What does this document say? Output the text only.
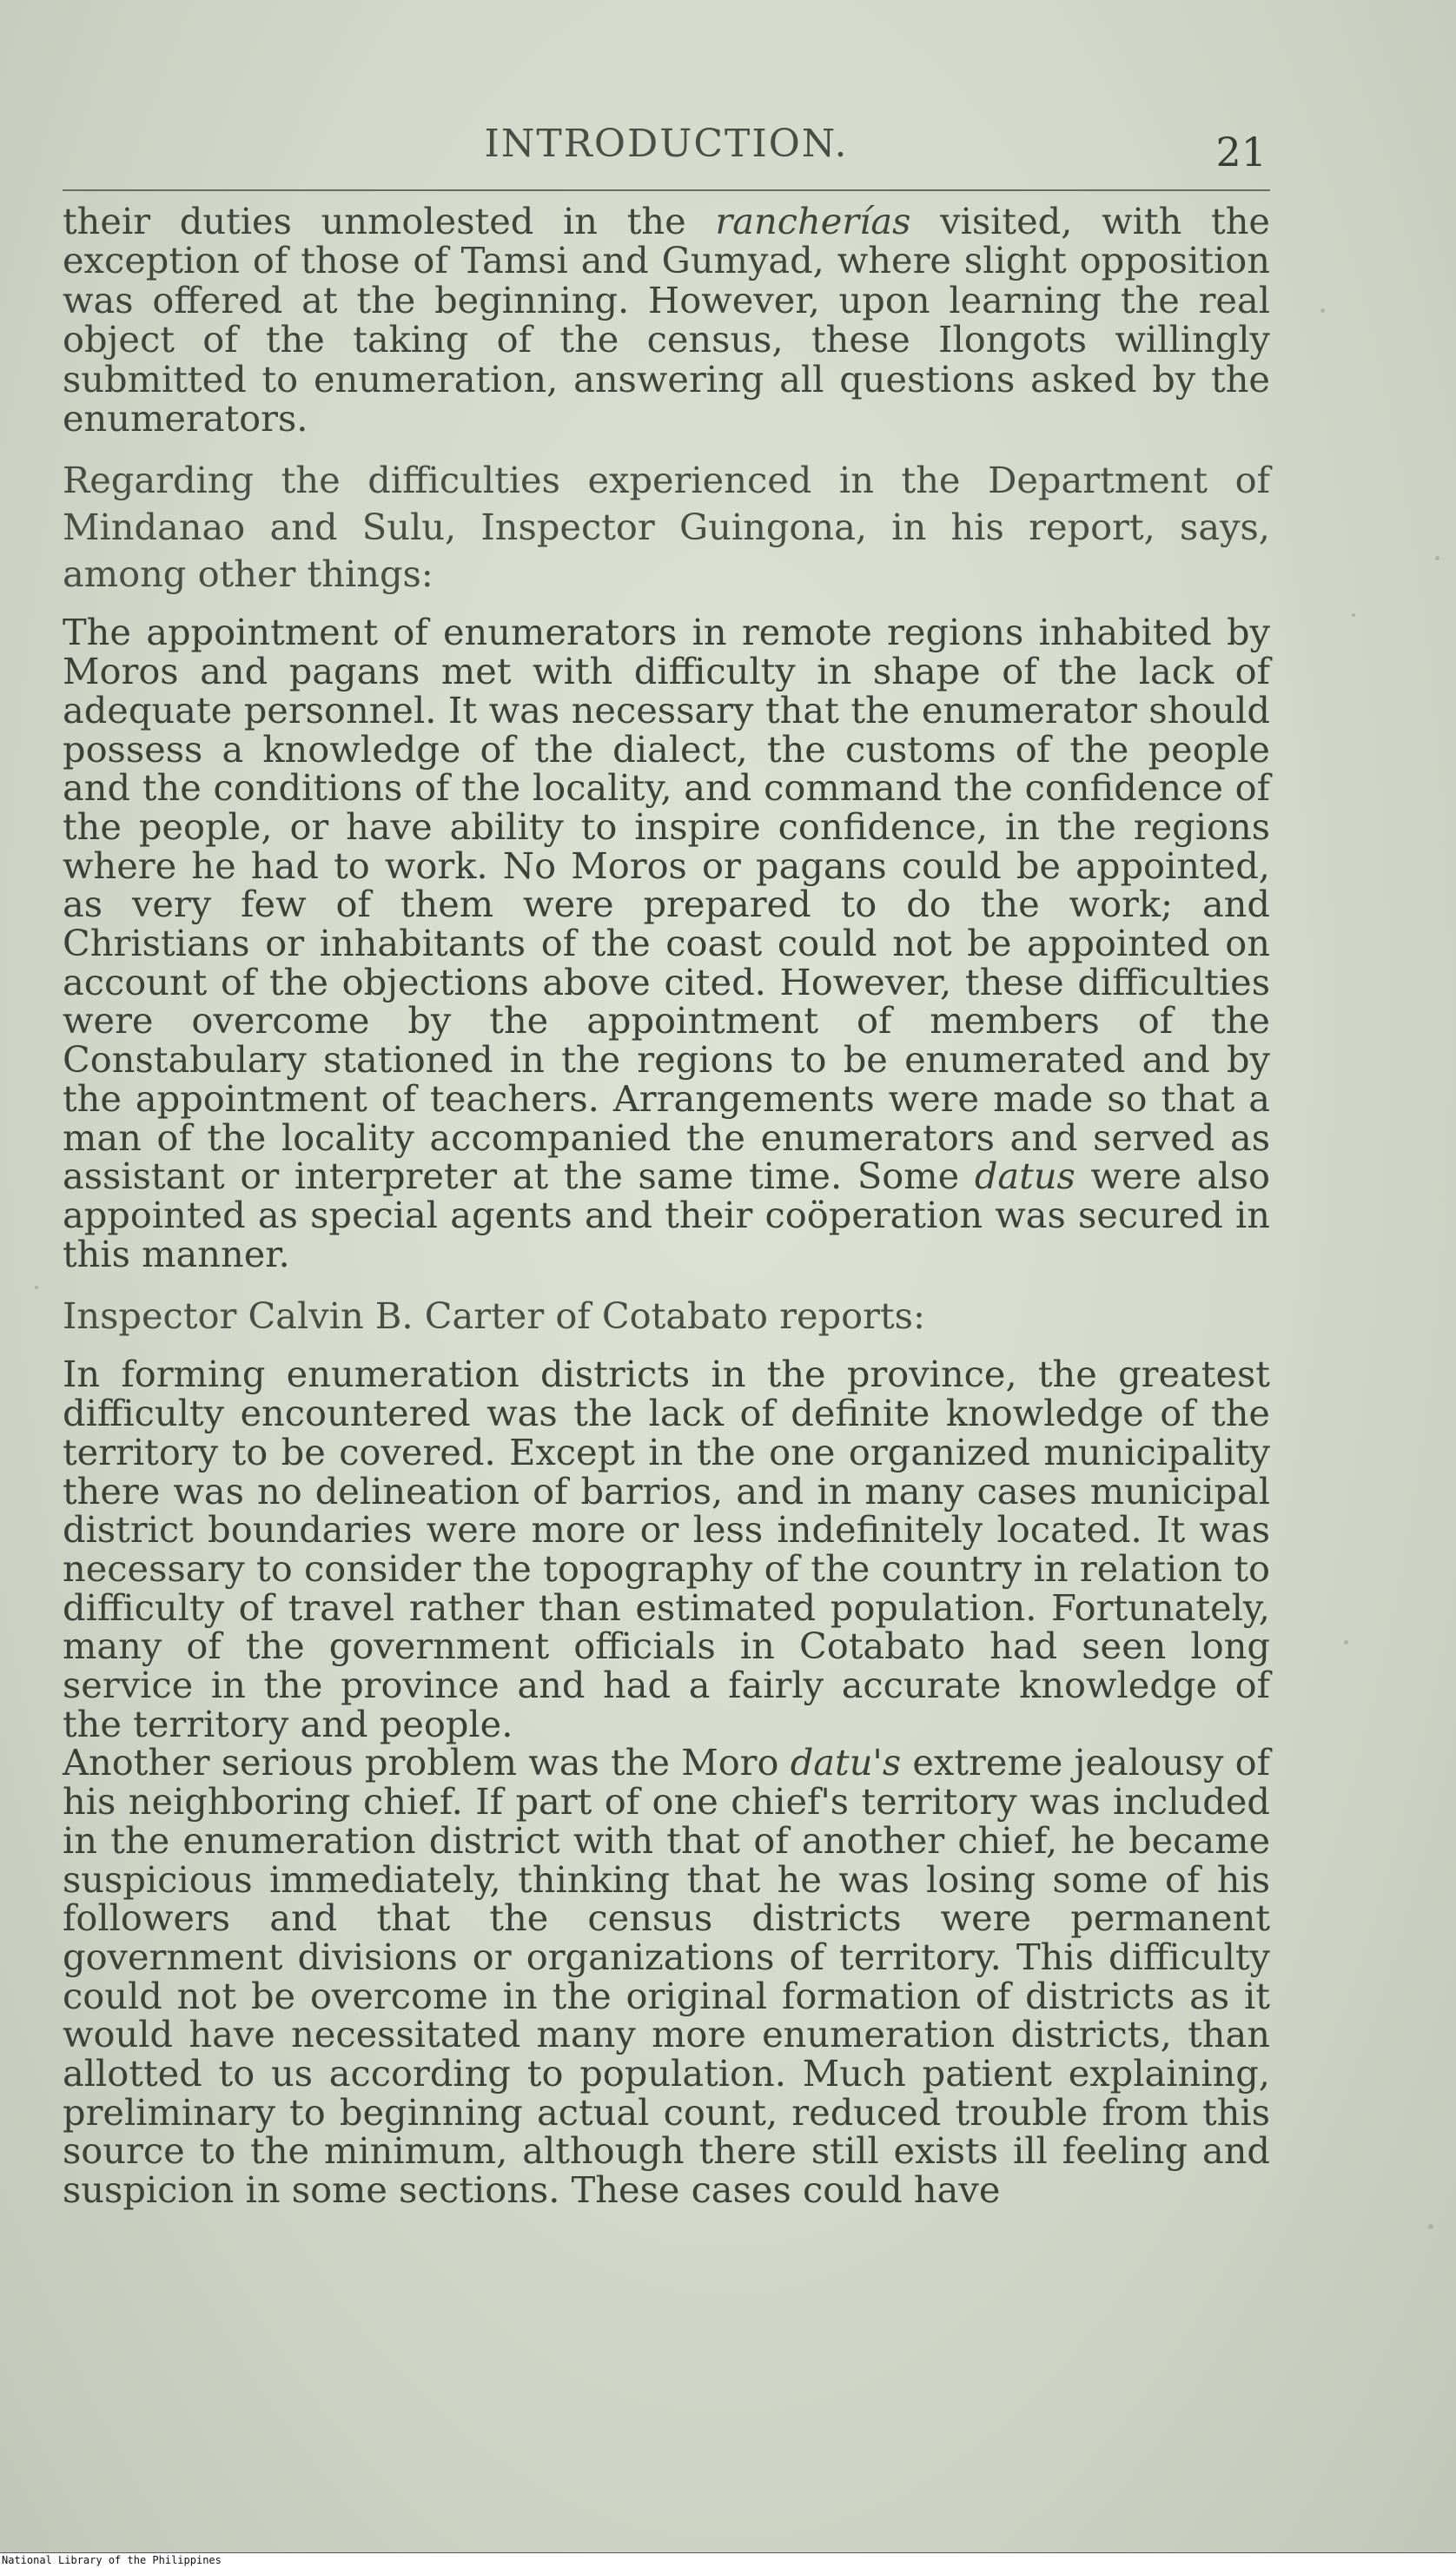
INTRODUCTION.	21

their duties unmolested in the rancherías visited, with the exception of those of Tamsi and Gumyad, where slight opposition was offered at the beginning. However, upon learning the real object of the taking of the census, these Ilongots willingly submitted to enumeration, answering all questions asked by the enumerators.

Regarding the difficulties experienced in the Department of Mindanao and Sulu, Inspector Guingona, in his report, says, among other things:

The appointment of enumerators in remote regions inhabited by Moros and pagans met with difficulty in shape of the lack of adequate personnel. It was necessary that the enumerator should possess a knowledge of the dialect, the customs of the people and the conditions of the locality, and command the confidence of the people, or have ability to inspire confidence, in the regions where he had to work. No Moros or pagans could be appointed, as very few of them were prepared to do the work; and Christians or inhabitants of the coast could not be appointed on account of the objections above cited. However, these difficulties were overcome by the appointment of members of the Constabulary stationed in the regions to be enumerated and by the appointment of teachers. Arrangements were made so that a man of the locality accompanied the enumerators and served as assistant or interpreter at the same time. Some datus were also appointed as special agents and their coöperation was secured in this manner.

Inspector Calvin B. Carter of Cotabato reports:

In forming enumeration districts in the province, the greatest difficulty encountered was the lack of definite knowledge of the territory to be covered. Except in the one organized municipality there was no delineation of barrios, and in many cases municipal district boundaries were more or less indefinitely located. It was necessary to consider the topography of the country in relation to difficulty of travel rather than estimated population. Fortunately, many of the government officials in Cotabato had seen long service in the province and had a fairly accurate knowledge of the territory and people.

Another serious problem was the Moro datu's extreme jealousy of his neighboring chief. If part of one chief's territory was included in the enumeration district with that of another chief, he became suspicious immediately, thinking that he was losing some of his followers and that the census districts were permanent government divisions or organizations of territory. This difficulty could not be overcome in the original formation of districts as it would have necessitated many more enumeration districts, than allotted to us according to population. Much patient explaining, preliminary to beginning actual count, reduced trouble from this source to the minimum, although there still exists ill feeling and suspicion in some sections. These cases could have

National Library of the Philippines
